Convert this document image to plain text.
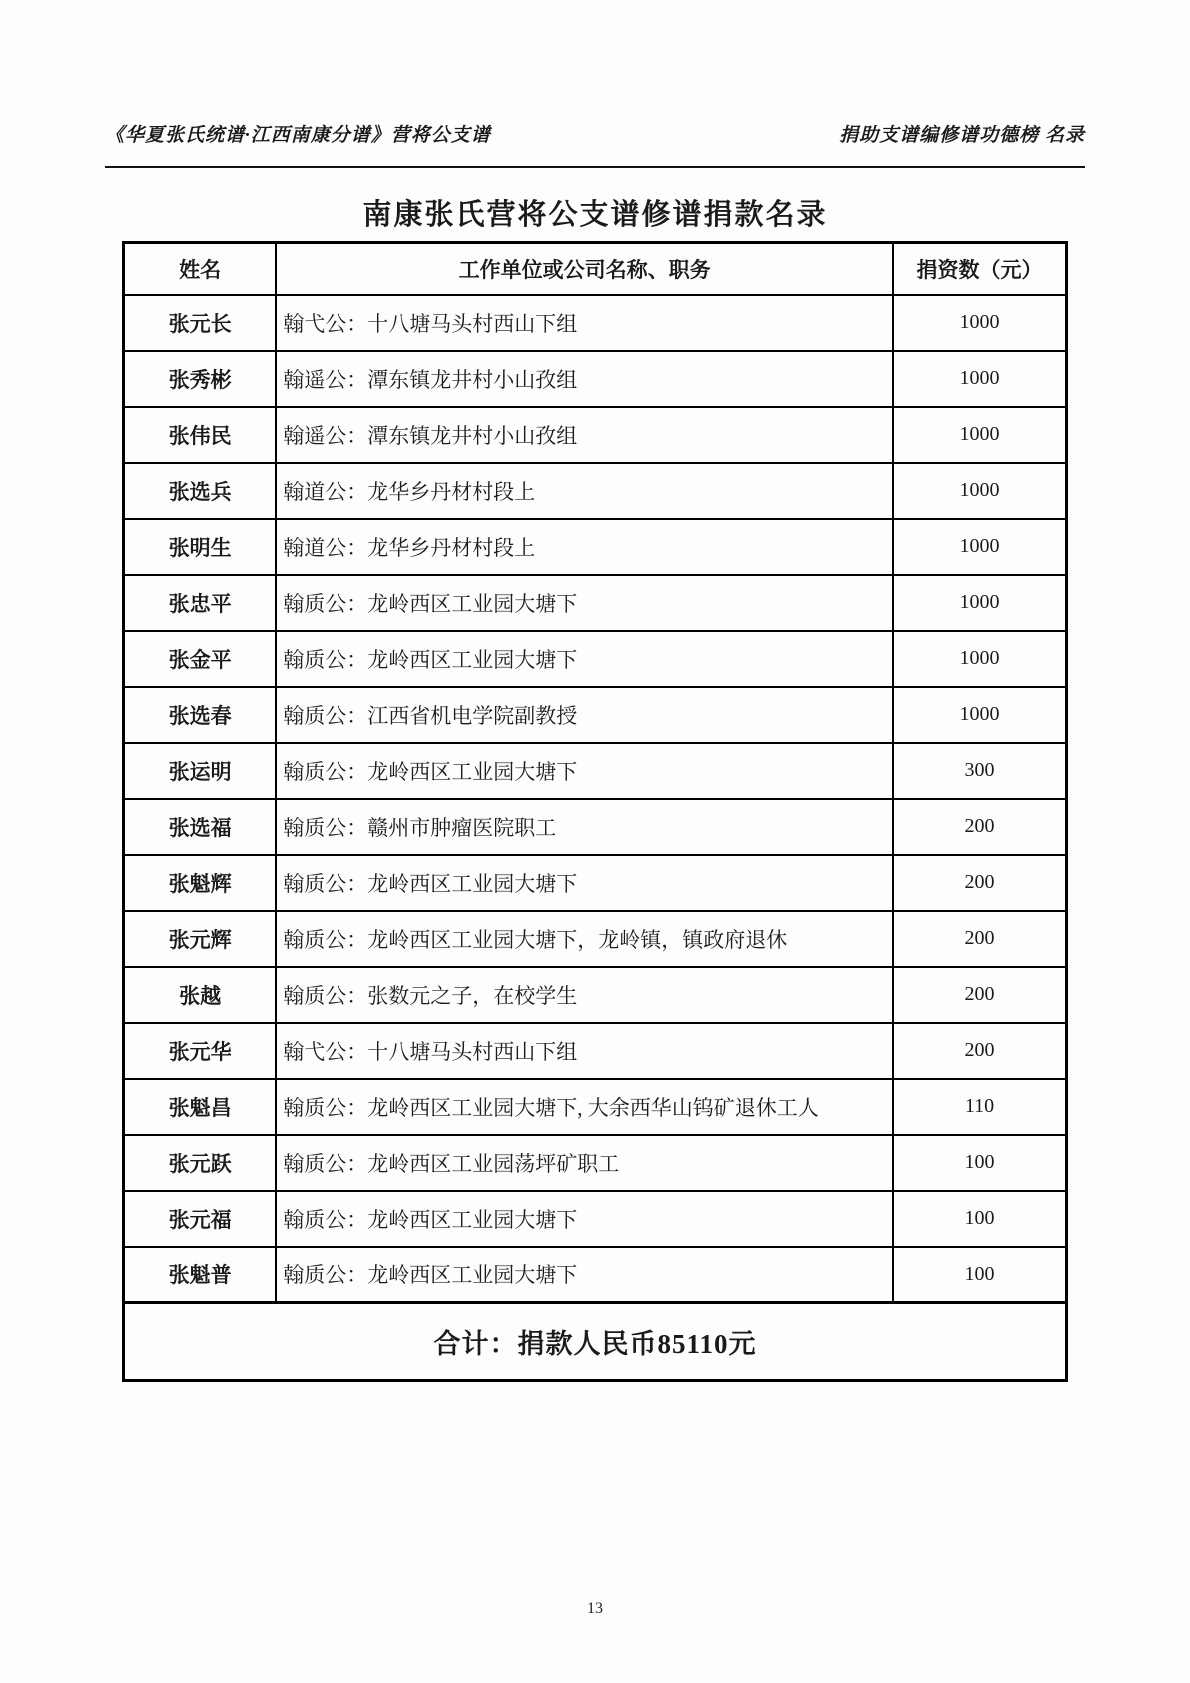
《华夏张氏统谱·江西南康分谱》营将公支谱	捐助支谱编修谱功德榜 名录
南康张氏营将公支谱修谱捐款名录
姓名	工作单位或公司名称、职务	捐资数（元）
张元长	翰弋公：十八塘马头村西山下组	1000
张秀彬	翰遥公：潭东镇龙井村小山孜组	1000
张伟民	翰遥公：潭东镇龙井村小山孜组	1000
张选兵	翰道公：龙华乡丹材村段上	1000
张明生	翰道公：龙华乡丹材村段上	1000
张忠平	翰质公：龙岭西区工业园大塘下	1000
张金平	翰质公：龙岭西区工业园大塘下	1000
张选春	翰质公：江西省机电学院副教授	1000
张运明	翰质公：龙岭西区工业园大塘下	300
张选福	翰质公：赣州市肿瘤医院职工	200
张魁辉	翰质公：龙岭西区工业园大塘下	200
张元辉	翰质公：龙岭西区工业园大塘下，龙岭镇，镇政府退休	200
张越	翰质公：张数元之子，在校学生	200
张元华	翰弋公：十八塘马头村西山下组	200
张魁昌	翰质公：龙岭西区工业园大塘下, 大余西华山钨矿退休工人	110
张元跃	翰质公：龙岭西区工业园荡坪矿职工	100
张元福	翰质公：龙岭西区工业园大塘下	100
张魁普	翰质公：龙岭西区工业园大塘下	100
合计：捐款人民币85110元		
13
